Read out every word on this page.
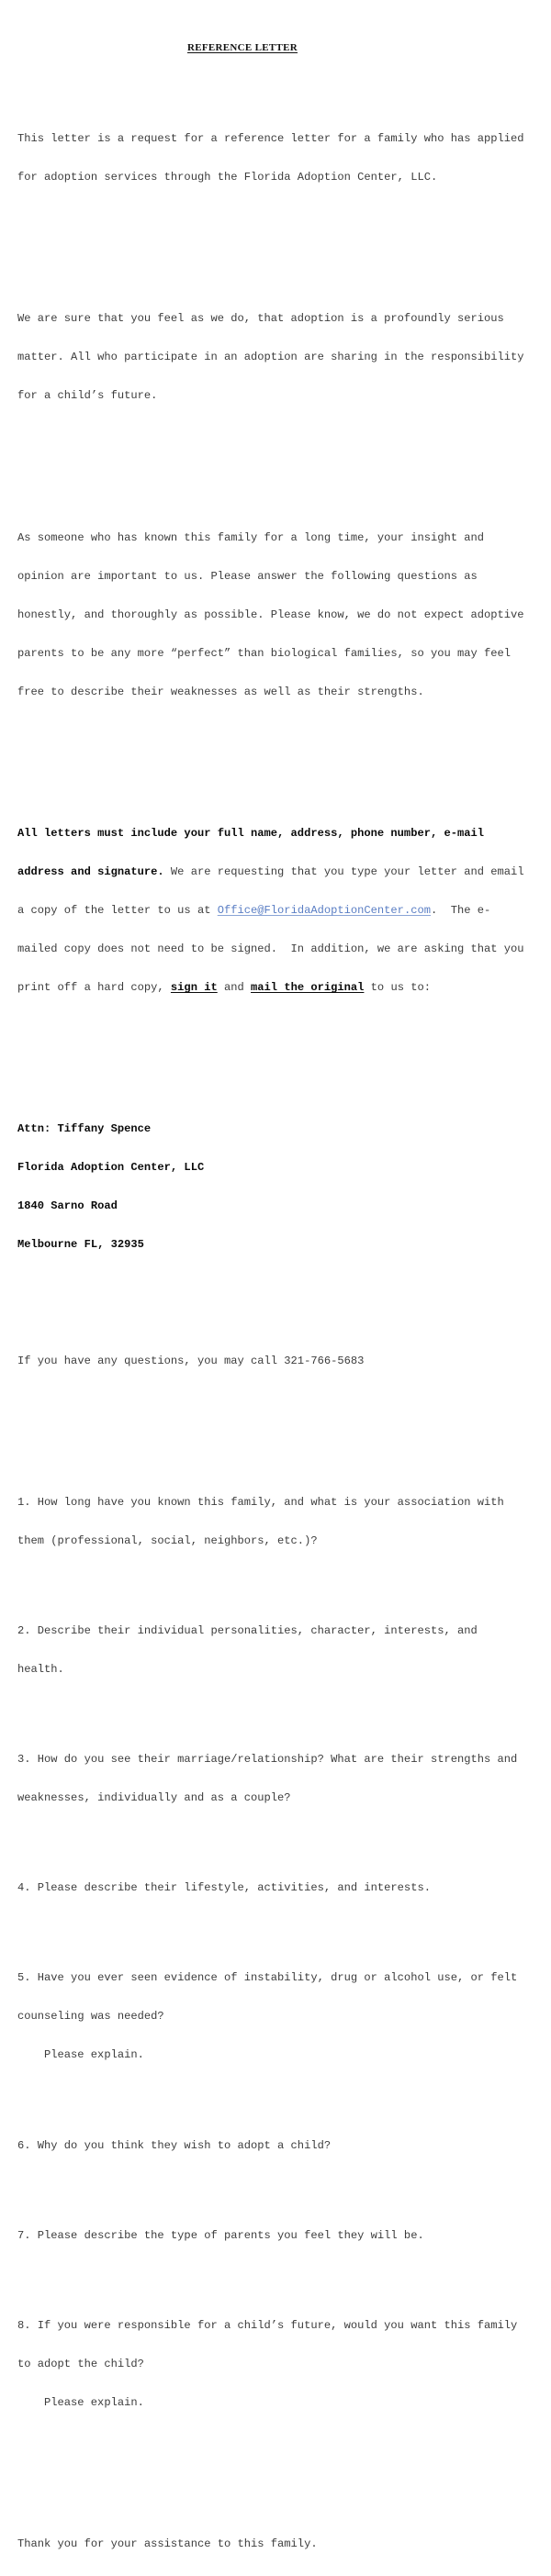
REFERENCE LETTER

This letter is a request for a reference letter for a family who has applied

for adoption services through the Florida Adoption Center, LLC.

We are sure that you feel as we do, that adoption is a profoundly serious

matter. All who participate in an adoption are sharing in the responsibility

for a child’s future.

As someone who has known this family for a long time, your insight and

opinion are important to us. Please answer the following questions as

honestly, and thoroughly as possible. Please know, we do not expect adoptive

parents to be any more “perfect” than biological families, so you may feel

free to describe their weaknesses as well as their strengths.

All letters must include your full name, address, phone number, e-mail

address and signature. We are requesting that you type your letter and email

a copy of the letter to us at Office@FloridaAdoptionCenter.com.  The e-

mailed copy does not need to be signed.  In addition, we are asking that you

print off a hard copy, sign it and mail the original to us to:

Attn: Tiffany Spence

Florida Adoption Center, LLC

1840 Sarno Road

Melbourne FL, 32935

If you have any questions, you may call 321-766-5683

1. How long have you known this family, and what is your association with

them (professional, social, neighbors, etc.)?

2. Describe their individual personalities, character, interests, and

health.

3. How do you see their marriage/relationship? What are their strengths and

weaknesses, individually and as a couple?

4. Please describe their lifestyle, activities, and interests.

5. Have you ever seen evidence of instability, drug or alcohol use, or felt

counseling was needed?

Please explain.

6. Why do you think they wish to adopt a child?

7. Please describe the type of parents you feel they will be.

8. If you were responsible for a child’s future, would you want this family

to adopt the child?

Please explain.

Thank you for your assistance to this family.
